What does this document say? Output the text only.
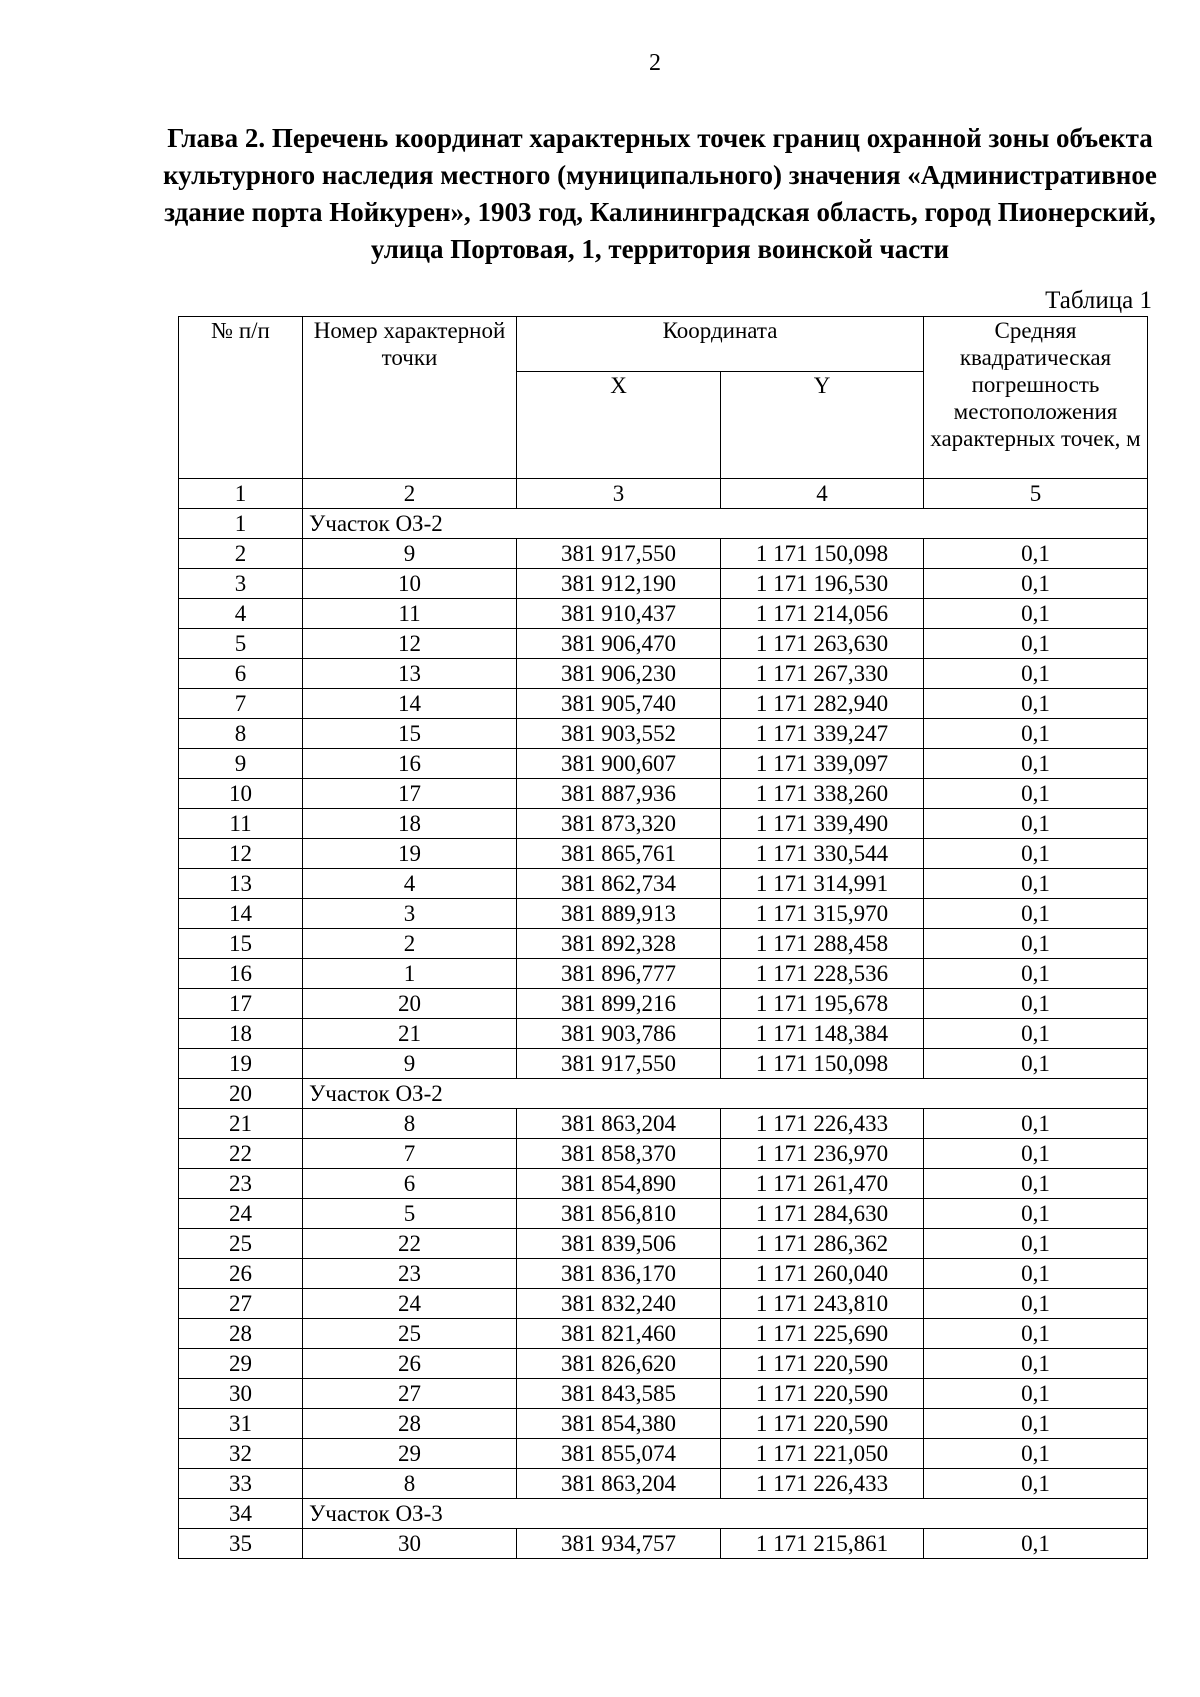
2
Глава 2. Перечень координат характерных точек границ охранной зоны объекта культурного наследия местного (муниципального) значения «Административное здание порта Нойкурен», 1903 год, Калининградская область, город Пионерский, улица Портовая, 1, территория воинской части
Таблица 1
№ п/п	Номер характерной точки	Координата		Средняя квадратическая погрешность местоположения характерных точек, м
		X	Y	
1	2	3	4	5
1	Участок ОЗ-2			
2	9	381 917,550	1 171 150,098	0,1
3	10	381 912,190	1 171 196,530	0,1
4	11	381 910,437	1 171 214,056	0,1
5	12	381 906,470	1 171 263,630	0,1
6	13	381 906,230	1 171 267,330	0,1
7	14	381 905,740	1 171 282,940	0,1
8	15	381 903,552	1 171 339,247	0,1
9	16	381 900,607	1 171 339,097	0,1
10	17	381 887,936	1 171 338,260	0,1
11	18	381 873,320	1 171 339,490	0,1
12	19	381 865,761	1 171 330,544	0,1
13	4	381 862,734	1 171 314,991	0,1
14	3	381 889,913	1 171 315,970	0,1
15	2	381 892,328	1 171 288,458	0,1
16	1	381 896,777	1 171 228,536	0,1
17	20	381 899,216	1 171 195,678	0,1
18	21	381 903,786	1 171 148,384	0,1
19	9	381 917,550	1 171 150,098	0,1
20	Участок ОЗ-2			
21	8	381 863,204	1 171 226,433	0,1
22	7	381 858,370	1 171 236,970	0,1
23	6	381 854,890	1 171 261,470	0,1
24	5	381 856,810	1 171 284,630	0,1
25	22	381 839,506	1 171 286,362	0,1
26	23	381 836,170	1 171 260,040	0,1
27	24	381 832,240	1 171 243,810	0,1
28	25	381 821,460	1 171 225,690	0,1
29	26	381 826,620	1 171 220,590	0,1
30	27	381 843,585	1 171 220,590	0,1
31	28	381 854,380	1 171 220,590	0,1
32	29	381 855,074	1 171 221,050	0,1
33	8	381 863,204	1 171 226,433	0,1
34	Участок ОЗ-3			
35	30	381 934,757	1 171 215,861	0,1
